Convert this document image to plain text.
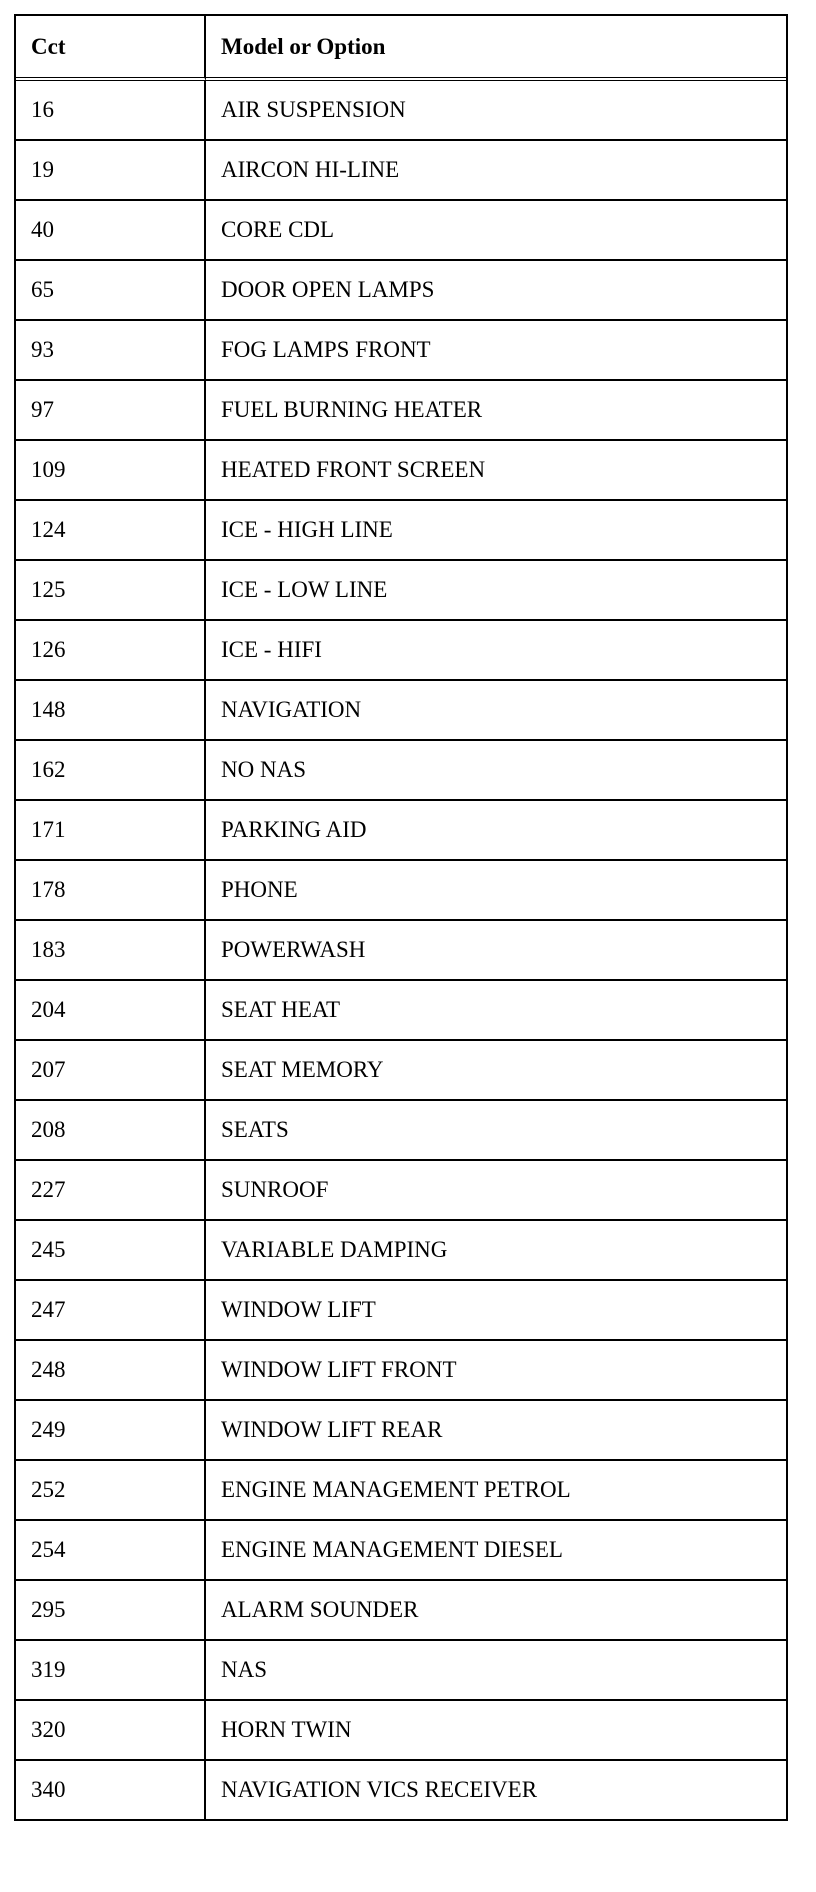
Cct	Model or Option
16	AIR SUSPENSION
19	AIRCON HI-LINE
40	CORE CDL
65	DOOR OPEN LAMPS
93	FOG LAMPS FRONT
97	FUEL BURNING HEATER
109	HEATED FRONT SCREEN
124	ICE - HIGH LINE
125	ICE - LOW LINE
126	ICE - HIFI
148	NAVIGATION
162	NO NAS
171	PARKING AID
178	PHONE
183	POWERWASH
204	SEAT HEAT
207	SEAT MEMORY
208	SEATS
227	SUNROOF
245	VARIABLE DAMPING
247	WINDOW LIFT
248	WINDOW LIFT FRONT
249	WINDOW LIFT REAR
252	ENGINE MANAGEMENT PETROL
254	ENGINE MANAGEMENT DIESEL
295	ALARM SOUNDER
319	NAS
320	HORN TWIN
340	NAVIGATION VICS RECEIVER
